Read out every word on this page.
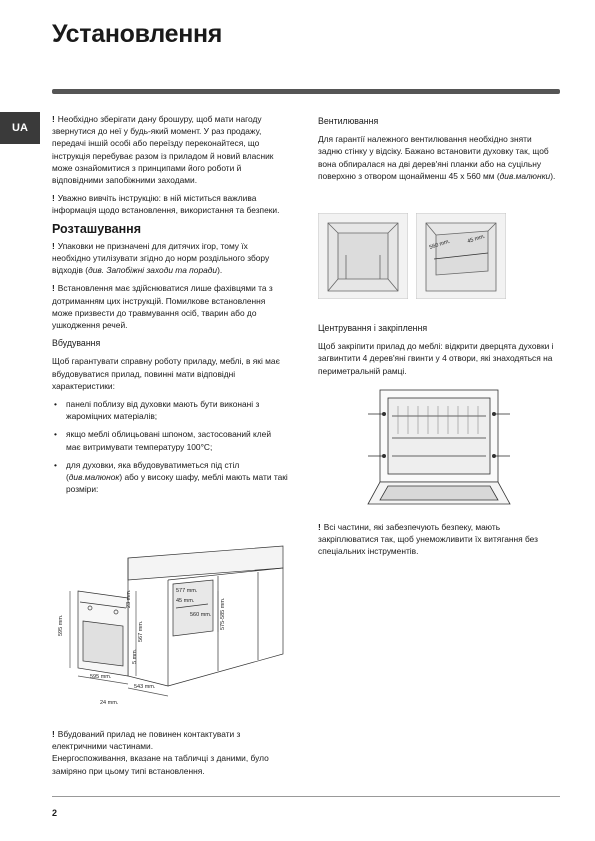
Установлення
UA

! Необхідно зберігати дану брошуру, щоб мати нагоду звернутися до неї у будь-який момент. У раз продажу, передачі іншій особі або переїзду переконайтеся, що інструкція перебуває разом із приладом й новий власник може ознайомитися з принципами його роботи й відповідними запобіжними заходами.

! Уважно вивчіть інструкцію: в ній міститься важлива інформація щодо встановлення, використання та безпеки.

Розташування

! Упаковки не призначені для дитячих ігор, тому їх необхідно утилізувати згідно до норм роздільного збору відходів (див. Запобіжні заходи та поради).

! Встановлення має здійснюватися лише фахівцями та з дотриманням цих інструкцій. Помилкове встановлення може призвести до травмування осіб, тварин або до ушкодження речей.

Вбудування

Щоб гарантувати справну роботу приладу, меблі, в які має вбудовуватися прилад, повинні мати відповідні характеристики:

• панелі поблизу від духовки мають бути виконані з жароміцних матеріалів;
• якщо меблі облицьовані шпоном, застосований клей має витримувати температуру 100°С;
• для духовки, яка вбудовуватиметься під стіл (див.малюнок) або у високу шафу, меблі мають мати такі розміри:
595 mm.	567 mm.
23 mm.
5 mm.
577 mm.
45 mm.
560 mm. 575-585 mm.
595 mm.
543 mm.
24 mm.

! Вбудований прилад не повинен контактувати з електричними частинами.

Енергоспоживання, вказане на табличці з даними, було заміряно при цьому типі встановлення.

Вентилювання

Для гарантії належного вентилювання необхідно зняти задню стінку у відсіку. Бажано встановити духовку так, щоб вона обпиралася на дві дерев'яні планки або на суцільну поверхню з отвором щонайменш 45 x 560 мм (див.малюнки).

560 mm.	45 mm.
Центрування і закріплення

Щоб закріпити прилад до меблі: відкрити дверцята духовки і загвинтити 4 дерев'яні гвинти у 4 отвори, які знаходяться на периметральній рамці.

! Всі частини, які забезпечують безпеку, мають закріплюватися так, щоб унеможливити їх витягання без спеціальних інструментів.
2
